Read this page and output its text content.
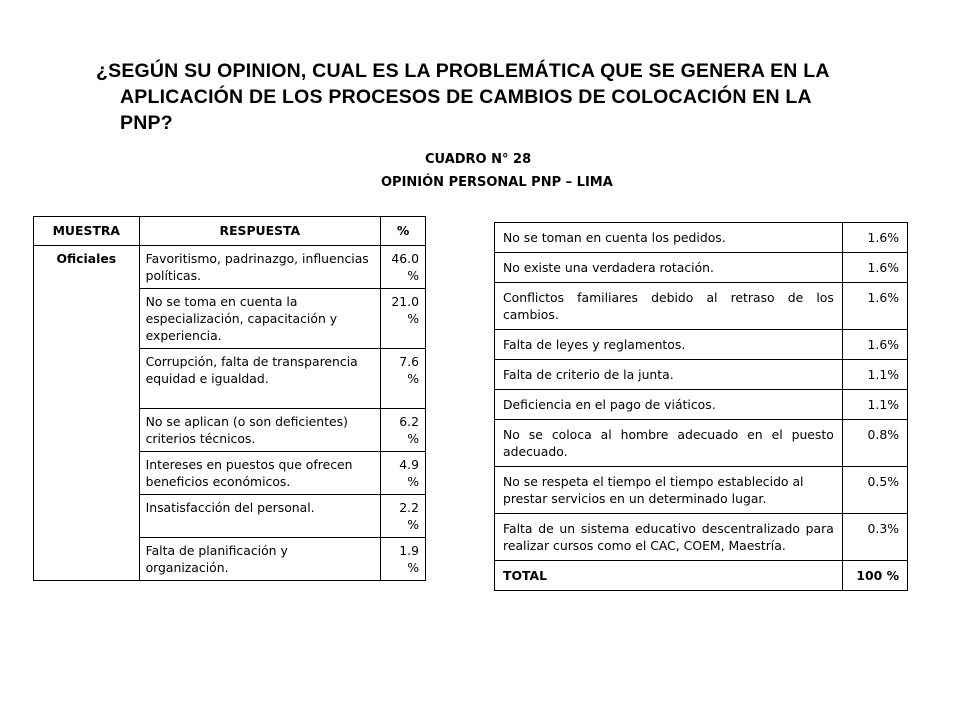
¿SEGÚN SU OPINION, CUAL ES LA PROBLEMÁTICA QUE SE GENERA EN LA
APLICACIÓN DE LOS PROCESOS DE CAMBIOS DE COLOCACIÓN EN LA
PNP?
CUADRO N° 28
OPINIÓN PERSONAL PNP – LIMA
MUESTRA	RESPUESTA	%
Oficiales	Favoritismo, padrinazgo, influencias políticas.	46.0 %
	No se toma en cuenta la especialización, capacitación y experiencia.	21.0 %
	Corrupción, falta de transparencia equidad e igualdad.	7.6 %
	No se aplican (o son deficientes) criterios técnicos.	6.2 %
	Intereses en puestos que ofrecen beneficios económicos.	4.9 %
	Insatisfacción del personal.	2.2 %
	Falta de planificación y organización.	1.9 %
No se toman en cuenta los pedidos.	1.6%
No existe una verdadera rotación.	1.6%
Conflictos familiares debido al retraso de los cambios.	1.6%
Falta de leyes y reglamentos.	1.6%
Falta de criterio de la junta.	1.1%
Deficiencia en el pago de viáticos.	1.1%
No se coloca al hombre adecuado en el puesto adecuado.	0.8%
No se respeta el tiempo el tiempo establecido al prestar servicios en un determinado lugar.	0.5%
Falta de un sistema educativo descentralizado para realizar cursos como el CAC, COEM, Maestría.	0.3%
TOTAL	100 %
